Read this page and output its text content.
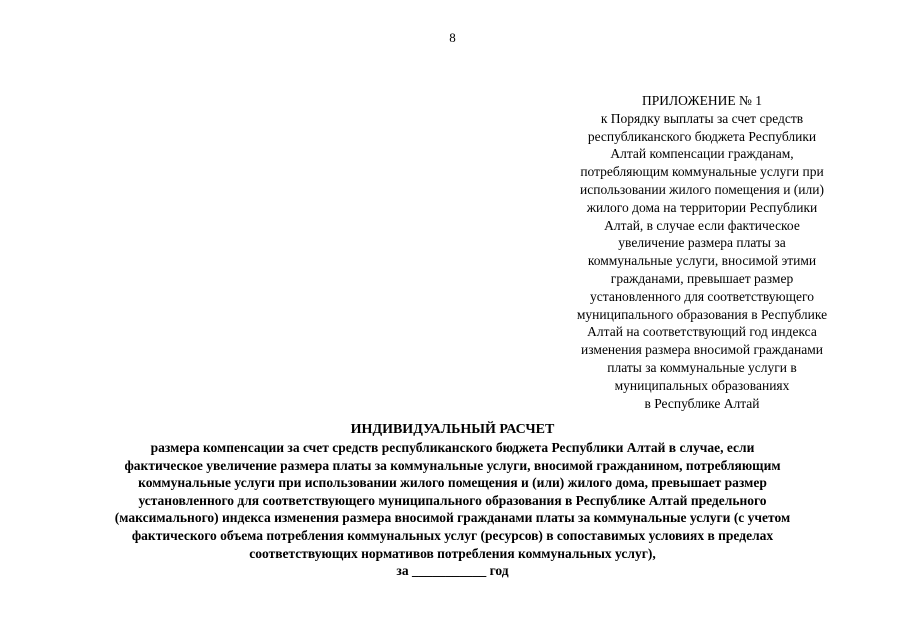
8
ПРИЛОЖЕНИЕ № 1
к Порядку выплаты за счет средств
республиканского бюджета Республики
Алтай компенсации гражданам,
потребляющим коммунальные услуги при
использовании жилого помещения и (или)
жилого дома на территории Республики
Алтай, в случае если фактическое
увеличение размера платы за
коммунальные услуги, вносимой этими
гражданами, превышает размер
установленного для соответствующего
муниципального образования в Республике
Алтай на соответствующий год индекса
изменения размера вносимой гражданами
платы за коммунальные услуги в
муниципальных образованиях
в Республике Алтай
ИНДИВИДУАЛЬНЫЙ РАСЧЕТ
размера компенсации за счет средств республиканского бюджета Республики Алтай в случае, если
фактическое увеличение размера платы за коммунальные услуги, вносимой гражданином, потребляющим
коммунальные услуги при использовании жилого помещения и (или) жилого дома, превышает размер
установленного для соответствующего муниципального образования в Республике Алтай предельного
(максимального) индекса изменения размера вносимой гражданами платы за коммунальные услуги (с учетом
фактического объема потребления коммунальных услуг (ресурсов) в сопоставимых условиях в пределах
соответствующих нормативов потребления коммунальных услуг),
за ___________ год
